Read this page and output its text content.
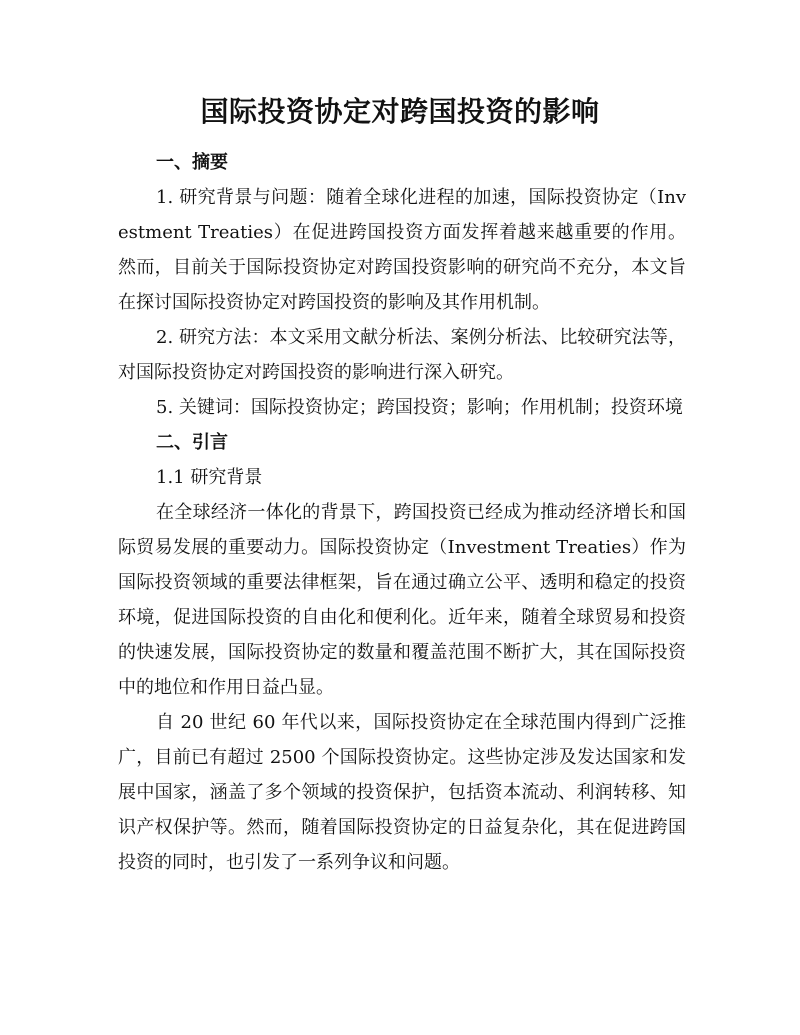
国际投资协定对跨国投资的影响

一、摘要

1. 研究背景与问题：随着全球化进程的加速，国际投资协定（Investment Treaties）在促进跨国投资方面发挥着越来越重要的作用。然而，目前关于国际投资协定对跨国投资影响的研究尚不充分，本文旨在探讨国际投资协定对跨国投资的影响及其作用机制。

2. 研究方法：本文采用文献分析法、案例分析法、比较研究法等，对国际投资协定对跨国投资的影响进行深入研究。

5. 关键词：国际投资协定；跨国投资；影响；作用机制；投资环境

二、引言

1.1 研究背景

在全球经济一体化的背景下，跨国投资已经成为推动经济增长和国际贸易发展的重要动力。国际投资协定（Investment Treaties）作为国际投资领域的重要法律框架，旨在通过确立公平、透明和稳定的投资环境，促进国际投资的自由化和便利化。近年来，随着全球贸易和投资的快速发展，国际投资协定的数量和覆盖范围不断扩大，其在国际投资中的地位和作用日益凸显。

自 20 世纪 60 年代以来，国际投资协定在全球范围内得到广泛推广，目前已有超过 2500 个国际投资协定。这些协定涉及发达国家和发展中国家，涵盖了多个领域的投资保护，包括资本流动、利润转移、知识产权保护等。然而，随着国际投资协定的日益复杂化，其在促进跨国投资的同时，也引发了一系列争议和问题。
